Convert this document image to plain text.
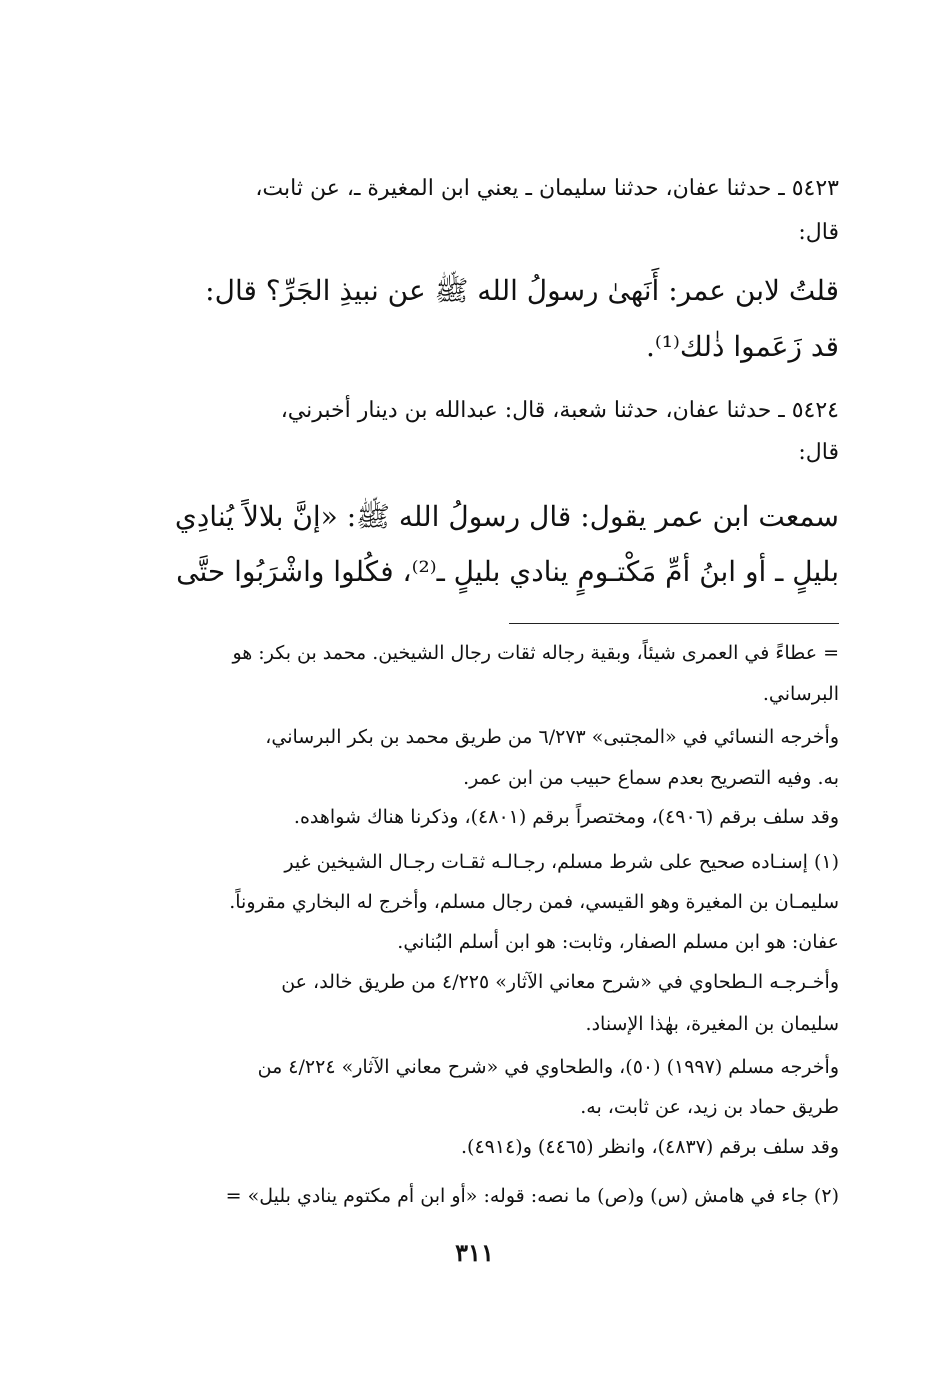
٥٤٢٣ ـ حدثنا عفان، حدثنا سليمان ـ يعني ابن المغيرة ـ، عن ثابت،
قال:
قلتُ لابن عمر: أَنَهىٰ رسولُ الله ﷺ عن نبيذِ الجَرِّ؟ قال:
قد زَعَموا ذٰلك⁽¹⁾.
٥٤٢٤ ـ حدثنا عفان، حدثنا شعبة، قال: عبدالله بن دينار أخبرني،
قال:
سمعت ابن عمر يقول: قال رسولُ الله ﷺ: «إنَّ بلالاً يُنادِي
بليلٍ ـ أو ابنُ أمِّ مَكْتـومٍ ينادي بليلٍ ـ⁽²⁾، فكُلوا واشْرَبُوا حتَّى
= عطاءً في العمرى شيئاً، وبقية رجاله ثقات رجال الشيخين. محمد بن بكر: هو
البرساني.
وأخرجه النسائي في «المجتبى» ٦/٢٧٣ من طريق محمد بن بكر البرساني،
به. وفيه التصريح بعدم سماع حبيب من ابن عمر.
وقد سلف برقم (٤٩٠٦)، ومختصراً برقم (٤٨٠١)، وذكرنا هناك شواهده.
(١) إسنـاده صحيح على شرط مسلم، رجـالـه ثقـات رجـال الشيخين غير
سليمـان بن المغيرة وهو القيسي، فمن رجال مسلم، وأخرج له البخاري مقروناً.
عفان: هو ابن مسلم الصفار، وثابت: هو ابن أسلم البُناني.
وأخـرجـه الـطحاوي في «شرح معاني الآثار» ٤/٢٢٥ من طريق خالد، عن
سليمان بن المغيرة، بهٰذا الإسناد.
وأخرجه مسلم (١٩٩٧) (٥٠)، والطحاوي في «شرح معاني الآثار» ٤/٢٢٤ من
طريق حماد بن زيد، عن ثابت، به.
وقد سلف برقم (٤٨٣٧)، وانظر (٤٤٦٥) و(٤٩١٤).
(٢) جاء في هامش (س) و(ص) ما نصه: قوله: «أو ابن أم مكتوم ينادي بليل» =
٣١١
